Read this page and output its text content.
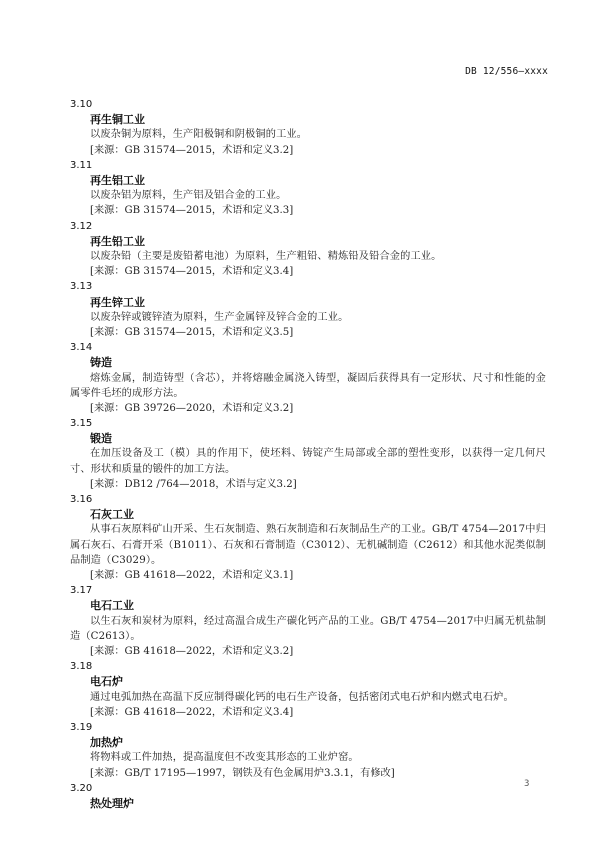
DB 12/556—xxxx
3.10
再生铜工业
以废杂铜为原料，生产阳极铜和阴极铜的工业。
[来源：GB 31574—2015，术语和定义3.2]
3.11
再生铝工业
以废杂铝为原料，生产铝及铝合金的工业。
[来源：GB 31574—2015，术语和定义3.3]
3.12
再生铅工业
以废杂铅（主要是废铅蓄电池）为原料，生产粗铅、精炼铅及铅合金的工业。
[来源：GB 31574—2015，术语和定义3.4]
3.13
再生锌工业
以废杂锌或镀锌渣为原料，生产金属锌及锌合金的工业。
[来源：GB 31574—2015，术语和定义3.5]
3.14
铸造
熔炼金属，制造铸型（含芯），并将熔融金属浇入铸型，凝固后获得具有一定形状、尺寸和性能的金属零件毛坯的成形方法。
[来源：GB 39726—2020，术语和定义3.2]
3.15
锻造
在加压设备及工（模）具的作用下，使坯料、铸锭产生局部或全部的塑性变形，以获得一定几何尺寸、形状和质量的锻件的加工方法。
[来源：DB12 /764—2018，术语与定义3.2]
3.16
石灰工业
从事石灰原料矿山开采、生石灰制造、熟石灰制造和石灰制品生产的工业。GB/T 4754—2017中归属石灰石、石膏开采（B1011）、石灰和石膏制造（C3012）、无机碱制造（C2612）和其他水泥类似制品制造（C3029）。
[来源：GB 41618—2022，术语和定义3.1]
3.17
电石工业
以生石灰和炭材为原料，经过高温合成生产碳化钙产品的工业。GB/T 4754—2017中归属无机盐制造（C2613）。
[来源：GB 41618—2022，术语和定义3.2]
3.18
电石炉
通过电弧加热在高温下反应制得碳化钙的电石生产设备，包括密闭式电石炉和内燃式电石炉。
[来源：GB 41618—2022，术语和定义3.4]
3.19
加热炉
将物料或工件加热，提高温度但不改变其形态的工业炉窑。
[来源：GB/T 17195—1997，钢铁及有色金属用炉3.3.1，有修改]
3.20
热处理炉
3
